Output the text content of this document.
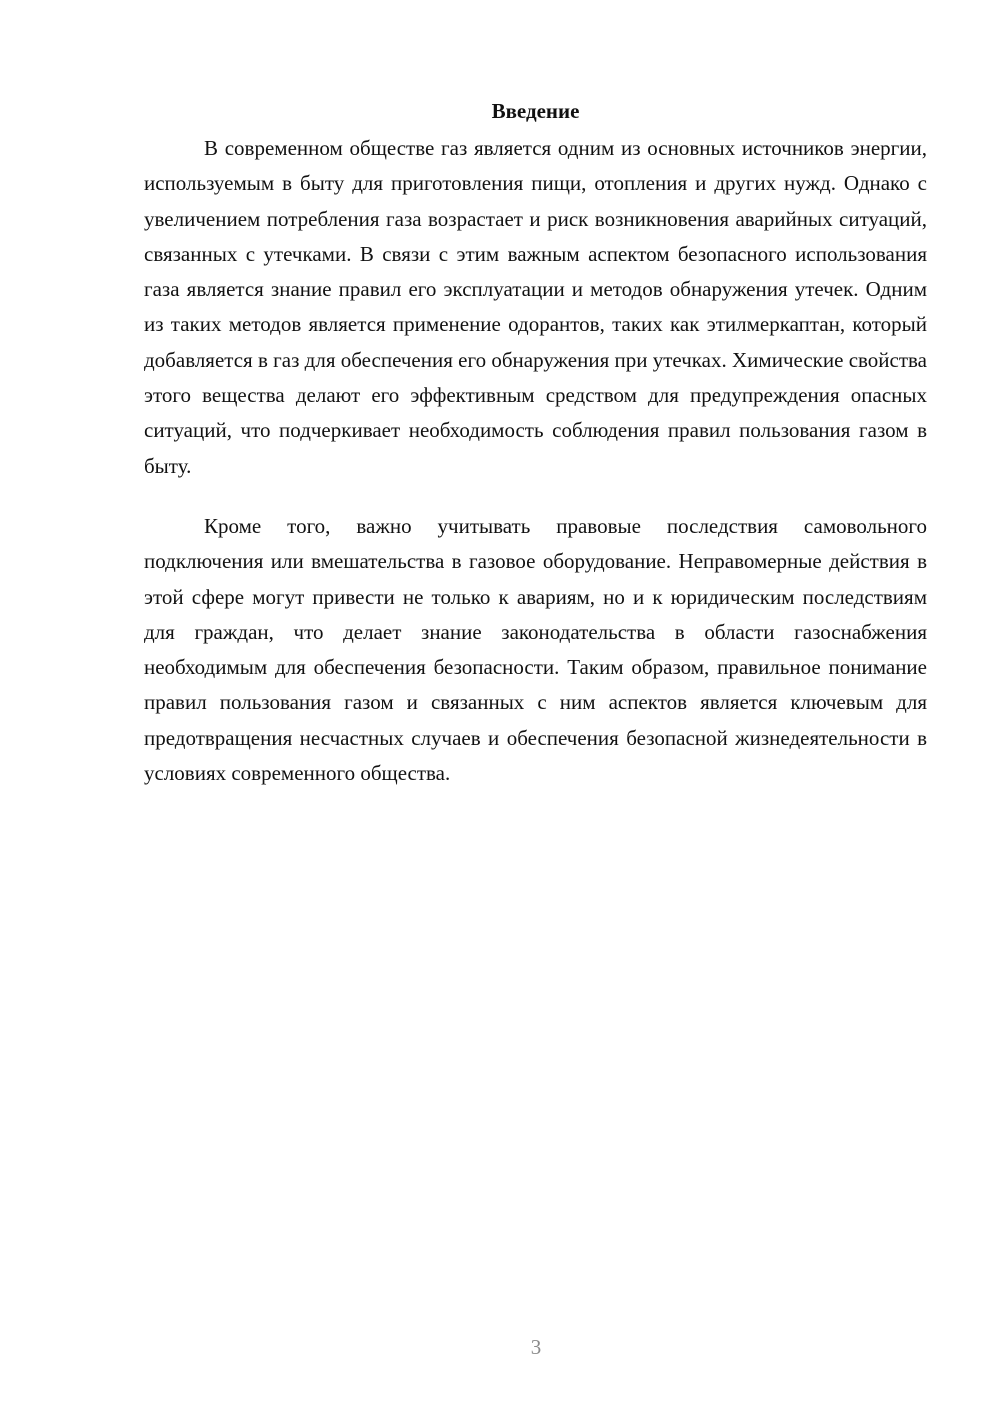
Введение

В современном обществе газ является одним из основных источников энергии, используемым в быту для приготовления пищи, отопления и других нужд. Однако с увеличением потребления газа возрастает и риск возникновения аварийных ситуаций, связанных с утечками. В связи с этим важным аспектом безопасного использования газа является знание правил его эксплуатации и методов обнаружения утечек. Одним из таких методов является применение одорантов, таких как этилмеркаптан, который добавляется в газ для обеспечения его обнаружения при утечках. Химические свойства этого вещества делают его эффективным средством для предупреждения опасных ситуаций, что подчеркивает необходимость соблюдения правил пользования газом в быту.

Кроме того, важно учитывать правовые последствия самовольного подключения или вмешательства в газовое оборудование. Неправомерные действия в этой сфере могут привести не только к авариям, но и к юридическим последствиям для граждан, что делает знание законодательства в области газоснабжения необходимым для обеспечения безопасности. Таким образом, правильное понимание правил пользования газом и связанных с ним аспектов является ключевым для предотвращения несчастных случаев и обеспечения безопасной жизнедеятельности в условиях современного общества.

3
